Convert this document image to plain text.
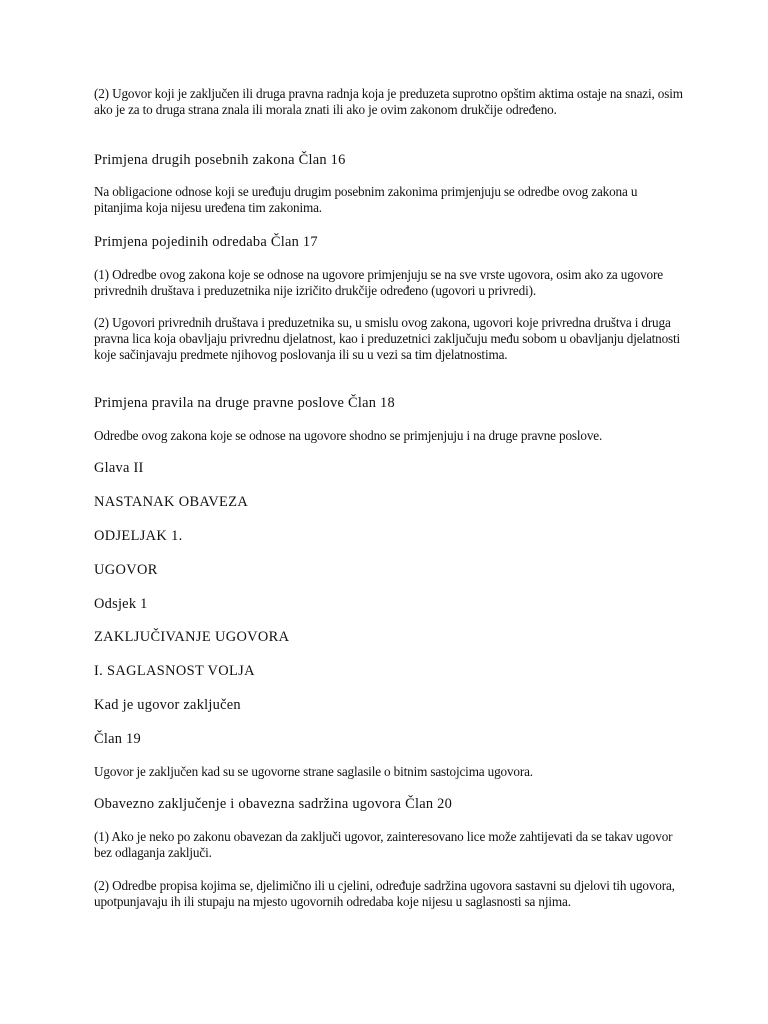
(2) Ugovor koji je zaključen ili druga pravna radnja koja je preduzeta suprotno opštim aktima ostaje na snazi, osim ako je za to druga strana znala ili morala znati ili ako je ovim zakonom drukčije određeno.

Primjena drugih posebnih zakona Član 16

Na obligacione odnose koji se uređuju drugim posebnim zakonima primjenjuju se odredbe ovog zakona u pitanjima koja nijesu uređena tim zakonima.

Primjena pojedinih odredaba Član 17

(1) Odredbe ovog zakona koje se odnose na ugovore primjenjuju se na sve vrste ugovora, osim ako za ugovore privrednih društava i preduzetnika nije izričito drukčije određeno (ugovori u privredi).

(2) Ugovori privrednih društava i preduzetnika su, u smislu ovog zakona, ugovori koje privredna društva i druga pravna lica koja obavljaju privrednu djelatnost, kao i preduzetnici zaključuju među sobom u obavljanju djelatnosti koje sačinjavaju predmete njihovog poslovanja ili su u vezi sa tim djelatnostima.

Primjena pravila na druge pravne poslove Član 18

Odredbe ovog zakona koje se odnose na ugovore shodno se primjenjuju i na druge pravne poslove.

Glava II

NASTANAK OBAVEZA

ODJELJAK 1.

UGOVOR

Odsjek 1

ZAKLJUČIVANJE UGOVORA

I. SAGLASNOST VOLJA

Kad je ugovor zaključen

Član 19

Ugovor je zaključen kad su se ugovorne strane saglasile o bitnim sastojcima ugovora.

Obavezno zaključenje i obavezna sadržina ugovora Član 20

(1) Ako je neko po zakonu obavezan da zaključi ugovor, zainteresovano lice može zahtijevati da se takav ugovor bez odlaganja zaključi.

(2) Odredbe propisa kojima se, djelimično ili u cjelini, određuje sadržina ugovora sastavni su djelovi tih ugovora, upotpunjavaju ih ili stupaju na mjesto ugovornih odredaba koje nijesu u saglasnosti sa njima.
